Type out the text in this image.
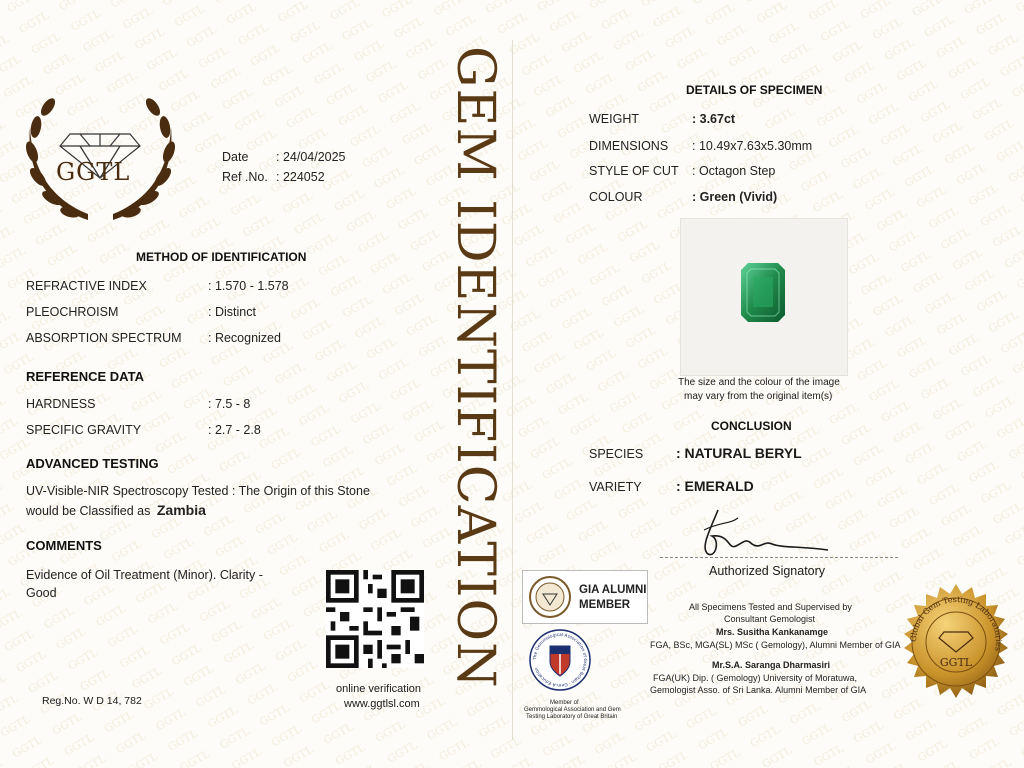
GGTL
Date : 24/04/2025
Ref .No. : 224052
METHOD OF IDENTIFICATION
REFRACTIVE INDEX	: 1.570 - 1.578
PLEOCHROISM	: Distinct
ABSORPTION SPECTRUM : Recognized
REFERENCE DATA
HARDNESS	: 7.5 - 8
SPECIFIC GRAVITY	: 2.7 - 2.8
ADVANCED TESTING
UV-Visible-NIR Spectroscopy Tested : The Origin of this Stone
would be Classified as Zambia
COMMENTS
Evidence of Oil Treatment (Minor). Clarity -
Good
online verification
www.ggtlsl.com
Reg.No. W D 14, 782
GEM IDENTIFICATION	DETAILS OF SPECIMEN
WEIGHT	: 3.67ct
DIMENSIONS : 10.49x7.63x5.30mm
STYLE OF CUT : Octagon Step
COLOUR	: Green (Vivid)
The size and the colour of the image
may vary from the original item(s)
CONCLUSION
SPECIES : NATURAL BERYL
VARIETY : EMERALD
Authorized Signatory
GIA ALUMNI
MEMBER
The Gemmological Association of Great Britain · Gem-A Education
Member of
Gemmological Association and Gem
Testing Laboratory of Great Britain
All Specimens Tested and Supervised by
Consultant Gemologist
Mrs. Susitha Kankanamge
FGA, BSc, MGA(SL) MSc ( Gemology), Alumni Member of GIA
Mr.S.A. Saranga Dharmasiri
FGA(UK) Dip. ( Gemology) University of Moratuwa,
Gemologist Asso. of Sri Lanka. Alumni Member of GIA
Global Gem Testing Laboratories
GGTL
